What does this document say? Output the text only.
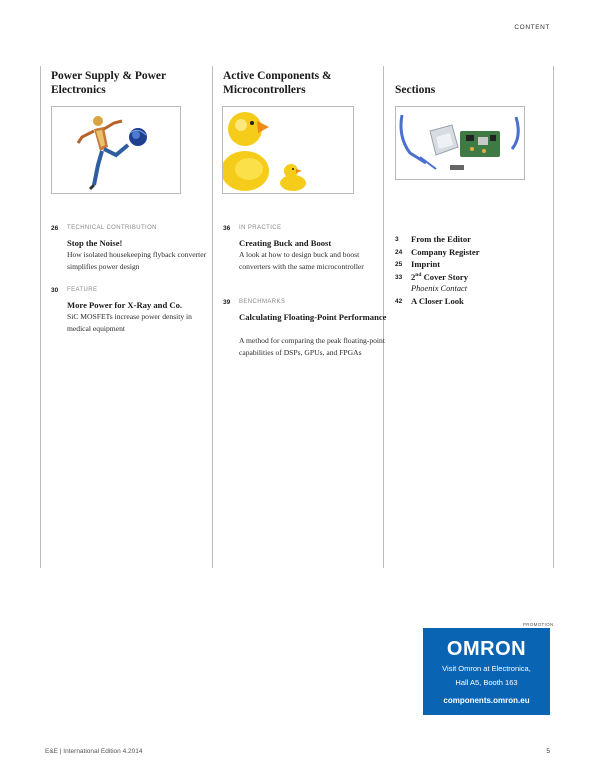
CONTENT
Power Supply & Power Electronics
26 TECHNICAL CONTRIBUTION
Stop the Noise!
How isolated housekeeping flyback converter simplifies power design
30 FEATURE
More Power for X-Ray and Co.
SiC MOSFETs increase power density in medical equipment
Active Components & Microcontrollers
36 IN PRACTICE
Creating Buck and Boost
A look at how to design buck and boost converters with the same microcontroller
39 BENCHMARKS
Calculating Floating-Point Performance
A method for comparing the peak floating-point capabilities of DSPs, GPUs, and FPGAs
Sections
3 From the Editor
24 Company Register
25 Imprint
33 2nd Cover Story
Phoenix Contact
42 A Closer Look
PROMOTION
OMRON
Visit Omron at Electronica,
Hall A5, Booth 163
components.omron.eu
E&E | International Edition 4.2014	5
